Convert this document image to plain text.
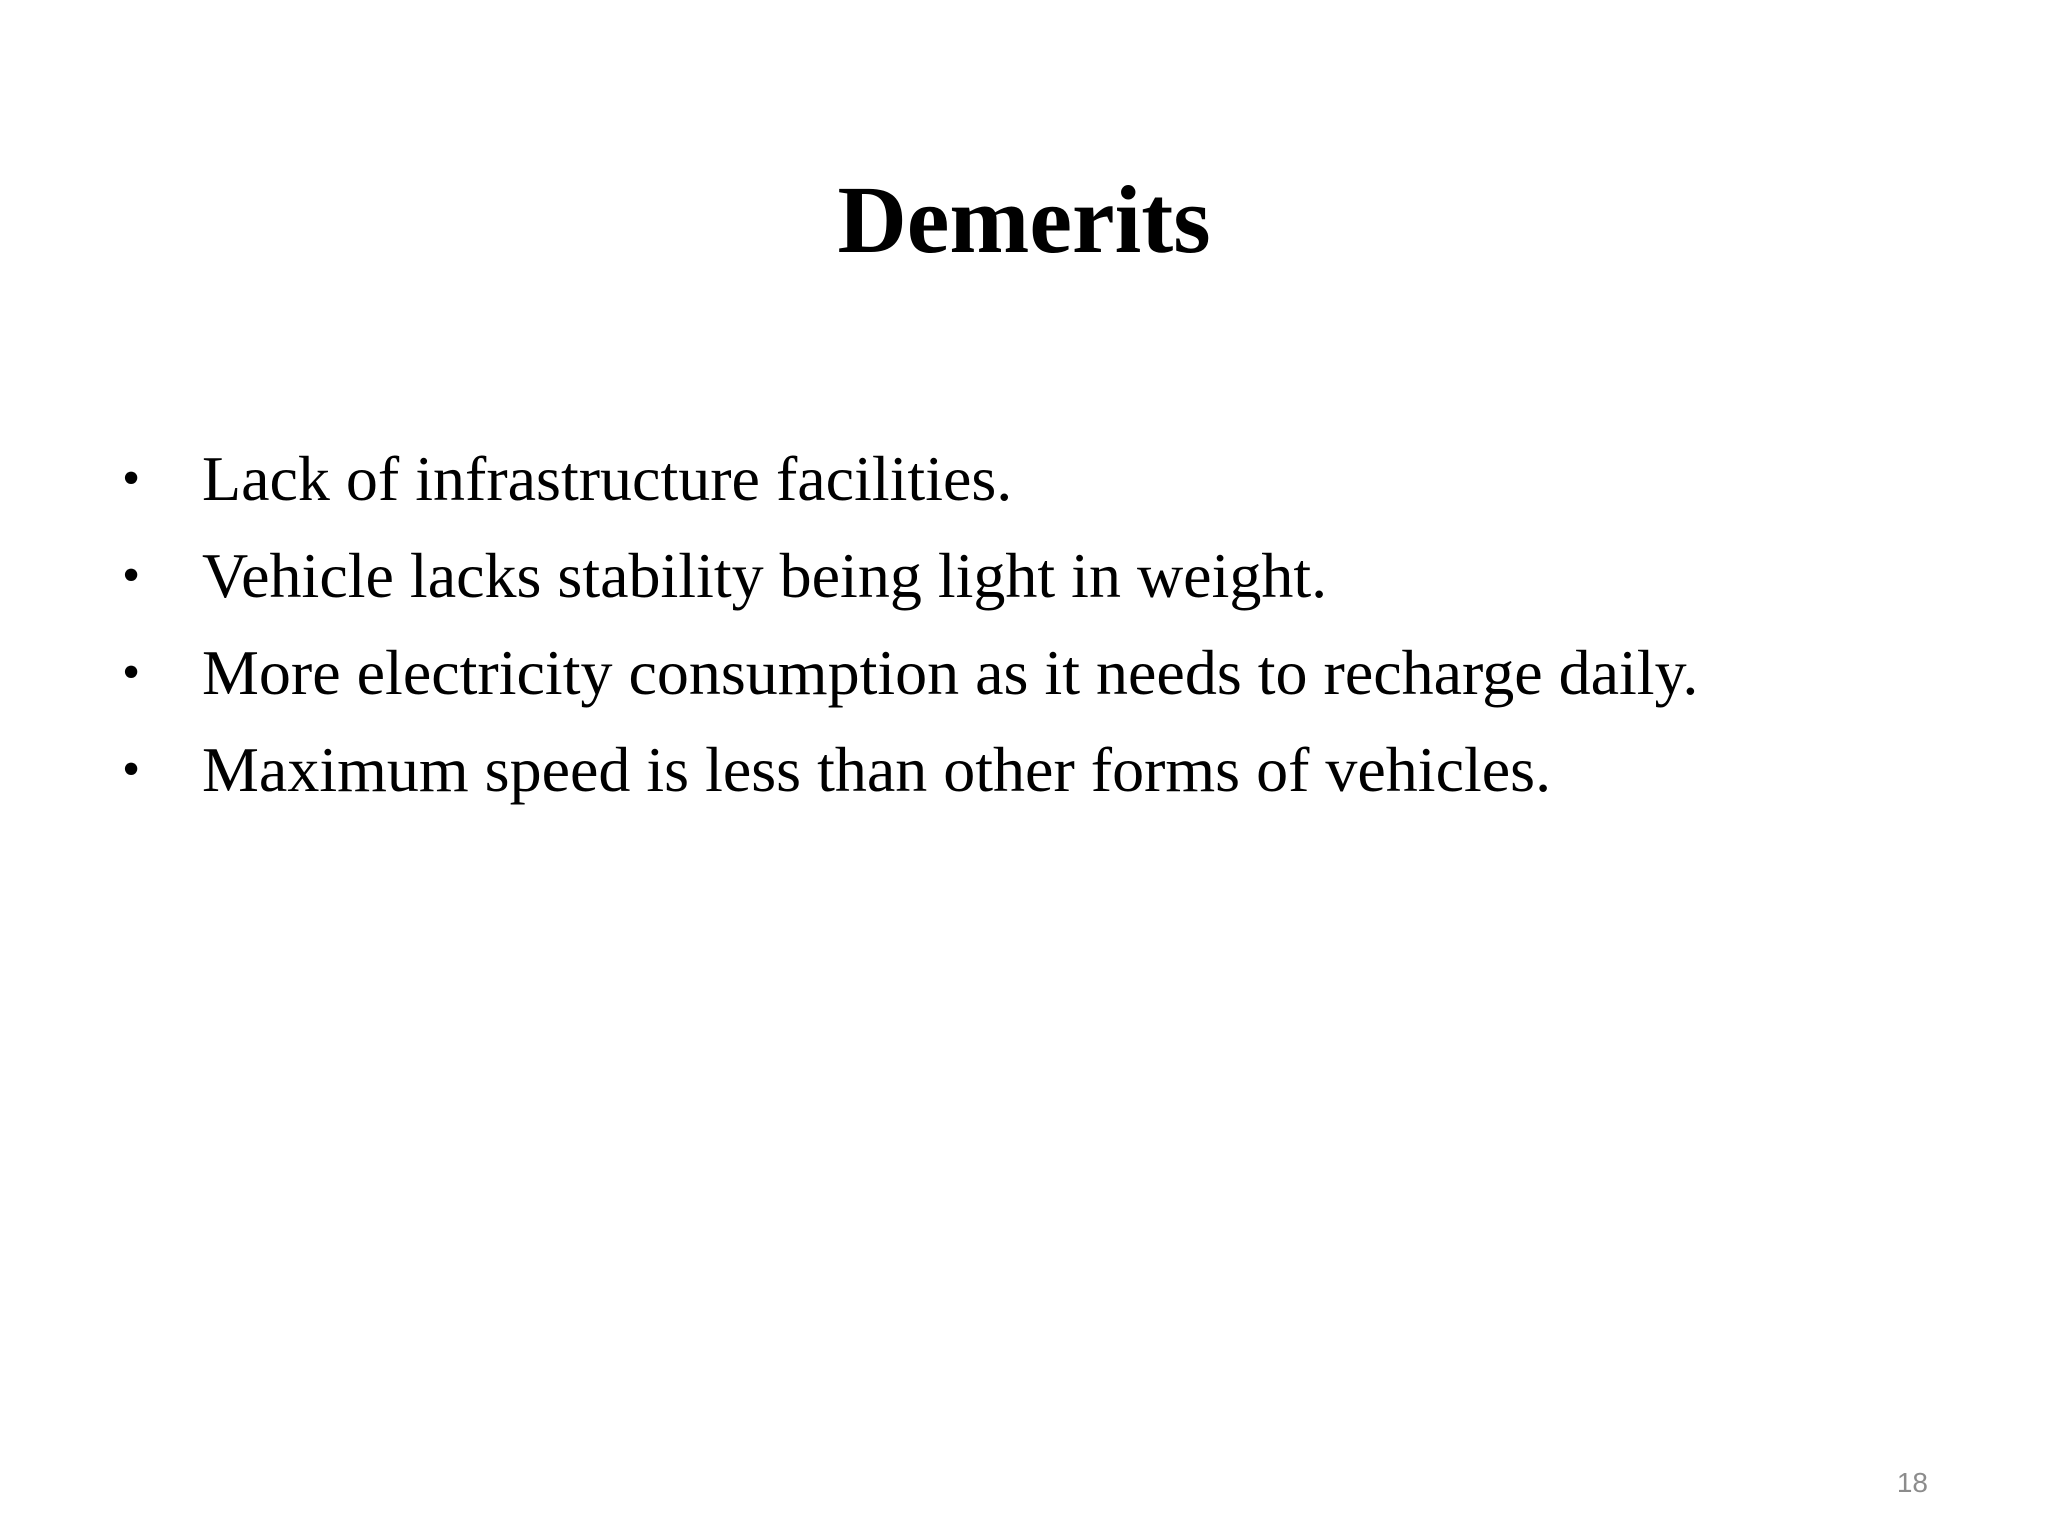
Demerits
• Lack of infrastructure facilities.
• Vehicle lacks stability being light in weight.
• More electricity consumption as it needs to recharge daily.
• Maximum speed is less than other forms of vehicles.
18
